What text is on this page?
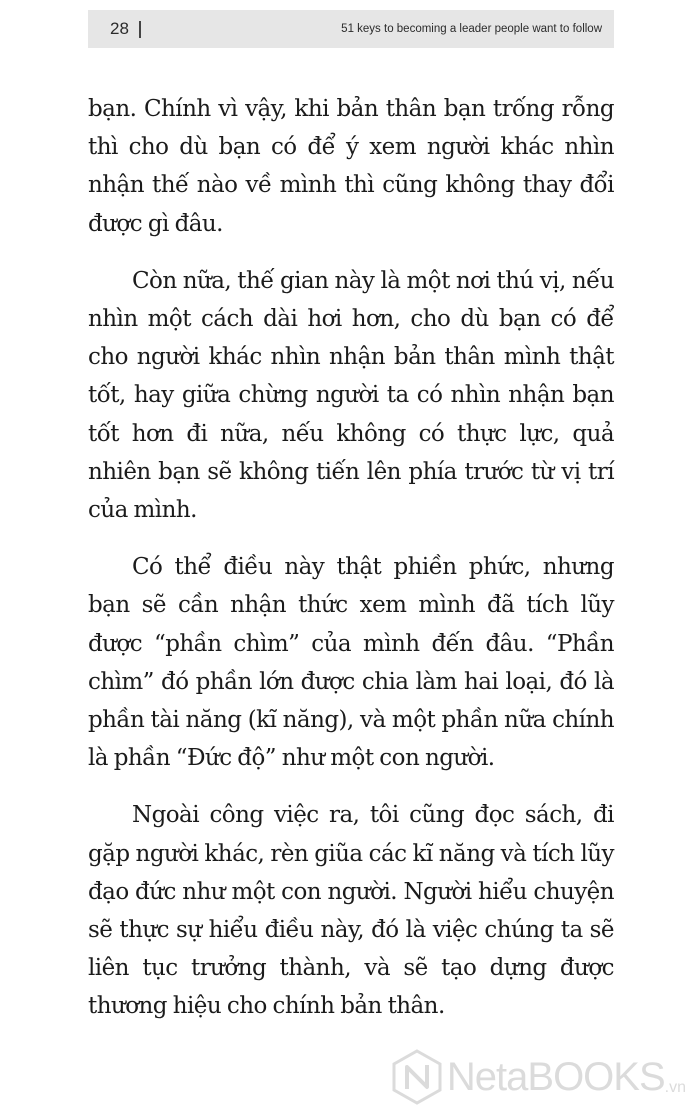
28	51 keys to becoming a leader people want to follow

bạn. Chính vì vậy, khi bản thân bạn trống rỗng thì cho dù bạn có để ý xem người khác nhìn nhận thế nào về mình thì cũng không thay đổi được gì đâu.

Còn nữa, thế gian này là một nơi thú vị, nếu nhìn một cách dài hơi hơn, cho dù bạn có để cho người khác nhìn nhận bản thân mình thật tốt, hay giữa chừng người ta có nhìn nhận bạn tốt hơn đi nữa, nếu không có thực lực, quả nhiên bạn sẽ không tiến lên phía trước từ vị trí của mình.

Có thể điều này thật phiền phức, nhưng bạn sẽ cần nhận thức xem mình đã tích lũy được “phần chìm” của mình đến đâu. “Phần chìm” đó phần lớn được chia làm hai loại, đó là phần tài năng (kĩ năng), và một phần nữa chính là phần “Đức độ” như một con người.

Ngoài công việc ra, tôi cũng đọc sách, đi gặp người khác, rèn giũa các kĩ năng và tích lũy đạo đức như một con người. Người hiểu chuyện sẽ thực sự hiểu điều này, đó là việc chúng ta sẽ liên tục trưởng thành, và sẽ tạo dựng được thương hiệu cho chính bản thân.

NetaBOOKS .vn
